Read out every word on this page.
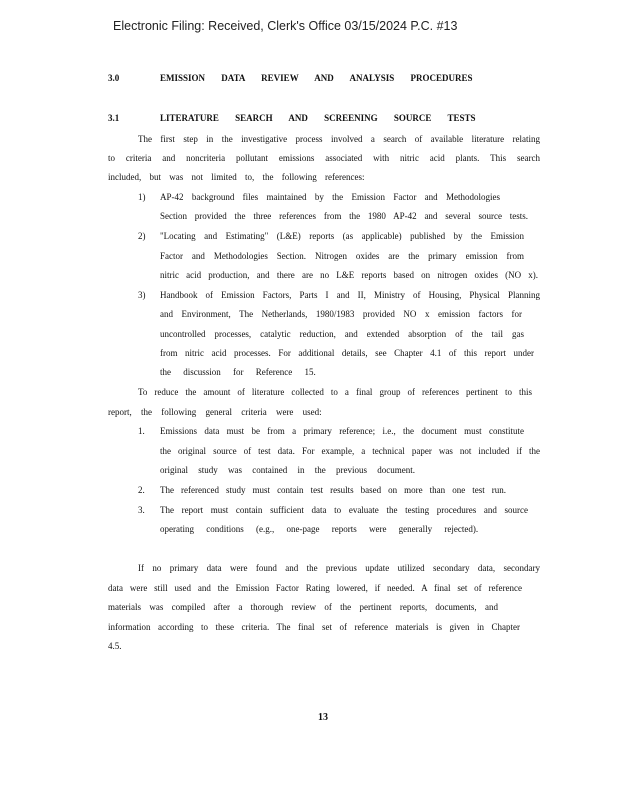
Electronic Filing: Received, Clerk's Office 03/15/2024 P.C. #13
3.0	EMISSION DATA REVIEW AND ANALYSIS PROCEDURES
3.1	LITERATURE SEARCH AND SCREENING SOURCE TESTS
The first step in the investigative process involved a search of available literature relating
to criteria and noncriteria pollutant emissions associated with nitric acid plants. This search
included, but was not limited to, the following references:
1) AP-42 background files maintained by the Emission Factor and Methodologies
Section provided the three references from the 1980 AP-42 and several source tests.
2) "Locating and Estimating" (L&E) reports (as applicable) published by the Emission
Factor and Methodologies Section. Nitrogen oxides are the primary emission from
nitric acid production, and there are no L&E reports based on nitrogen oxides (NO x).
3) Handbook of Emission Factors, Parts I and II, Ministry of Housing, Physical Planning
and Environment, The Netherlands, 1980/1983 provided NO x emission factors for
uncontrolled processes, catalytic reduction, and extended absorption of the tail gas
from nitric acid processes. For additional details, see Chapter 4.1 of this report under
the discussion for Reference 15.
To reduce the amount of literature collected to a final group of references pertinent to this
report, the following general criteria were used:
1. Emissions data must be from a primary reference; i.e., the document must constitute
the original source of test data. For example, a technical paper was not included if the
original study was contained in the previous document.
2. The referenced study must contain test results based on more than one test run.
3. The report must contain sufficient data to evaluate the testing procedures and source
operating conditions (e.g., one-page reports were generally rejected).
If no primary data were found and the previous update utilized secondary data, secondary
data were still used and the Emission Factor Rating lowered, if needed. A final set of reference
materials was compiled after a thorough review of the pertinent reports, documents, and
information according to these criteria. The final set of reference materials is given in Chapter
4.5.
13
